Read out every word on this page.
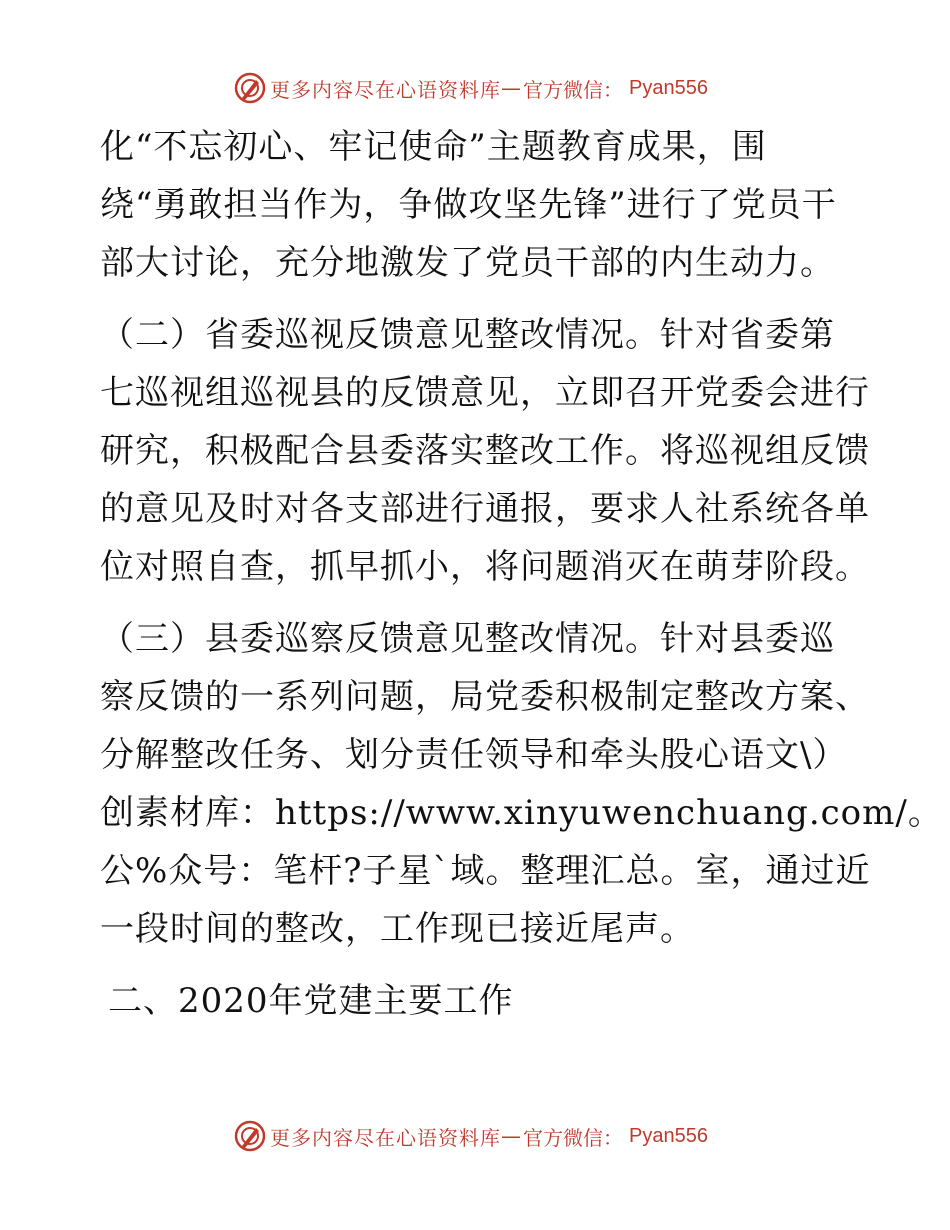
更多内容尽在心语资料库 — 官方微信： Pyan556

化“不忘初心、牢记使命”主题教育成果，围
绕“勇敢担当作为，争做攻坚先锋”进行了党员干
部大讨论，充分地激发了党员干部的内生动力。

（二）省委巡视反馈意见整改情况。针对省委第
七巡视组巡视县的反馈意见，立即召开党委会进行
研究，积极配合县委落实整改工作。将巡视组反馈
的意见及时对各支部进行通报，要求人社系统各单
位对照自查，抓早抓小，将问题消灭在萌芽阶段。

（三）县委巡察反馈意见整改情况。针对县委巡
察反馈的一系列问题，局党委积极制定整改方案、
分解整改任务、划分责任领导和牵头股心语文\）
创素材库：https://www.xinyuwenchuang.com/。
公%众号：笔杆?子星`域。整理汇总。室，通过近
一段时间的整改，工作现已接近尾声。

二、2020年党建主要工作

更多内容尽在心语资料库 — 官方微信： Pyan556
